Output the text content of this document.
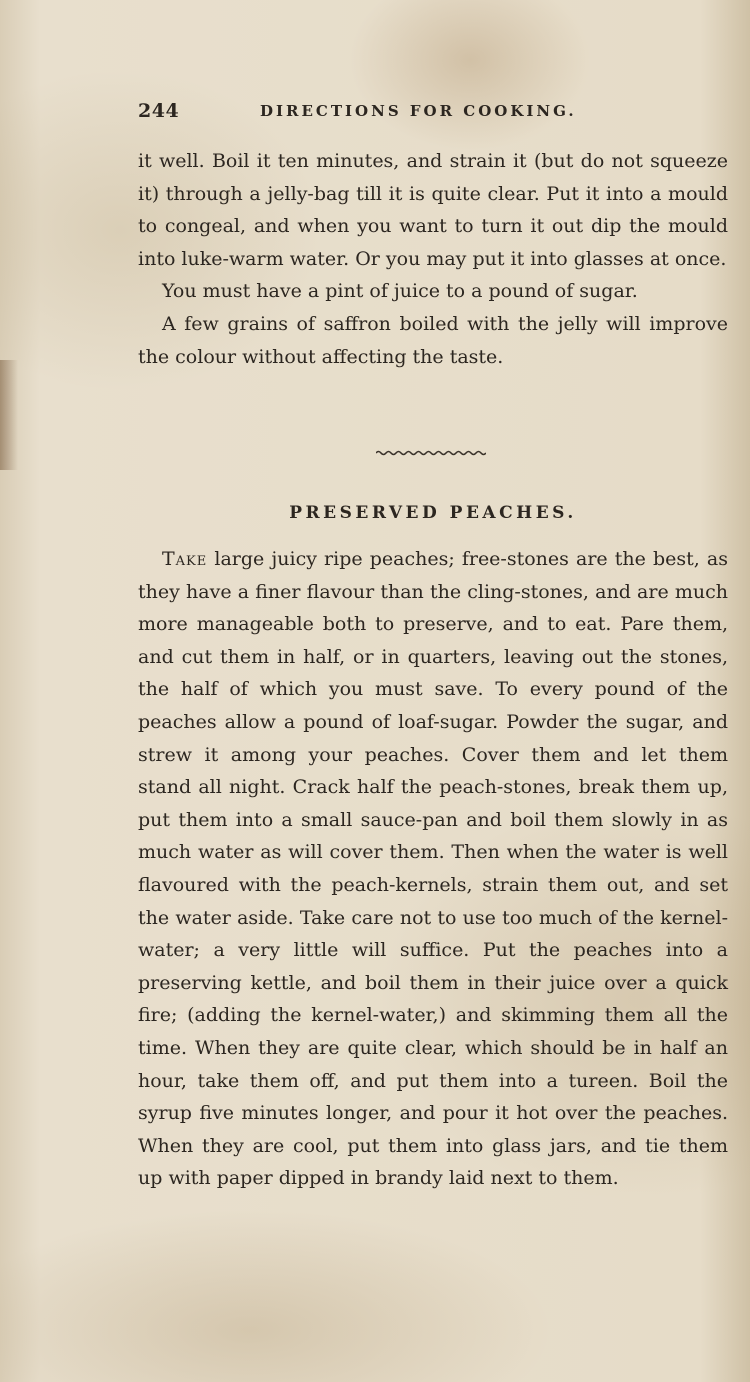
244	DIRECTIONS FOR COOKING.

it well. Boil it ten minutes, and strain it (but do not squeeze it) through a jelly-bag till it is quite clear. Put it into a mould to congeal, and when you want to turn it out dip the mould into luke-warm water. Or you may put it into glasses at once.

You must have a pint of juice to a pound of sugar.

A few grains of saffron boiled with the jelly will improve the colour without affecting the taste.

PRESERVED PEACHES.

Take large juicy ripe peaches; free-stones are the best, as they have a finer flavour than the cling-stones, and are much more manageable both to preserve, and to eat. Pare them, and cut them in half, or in quarters, leaving out the stones, the half of which you must save. To every pound of the peaches allow a pound of loaf-sugar. Powder the sugar, and strew it among your peaches. Cover them and let them stand all night. Crack half the peach-stones, break them up, put them into a small sauce-pan and boil them slowly in as much water as will cover them. Then when the water is well flavoured with the peach-kernels, strain them out, and set the water aside. Take care not to use too much of the kernel-water; a very little will suffice. Put the peaches into a preserving kettle, and boil them in their juice over a quick fire; (adding the kernel-water,) and skimming them all the time. When they are quite clear, which should be in half an hour, take them off, and put them into a tureen. Boil the syrup five minutes longer, and pour it hot over the peaches. When they are cool, put them into glass jars, and tie them up with paper dipped in brandy laid next to them.
